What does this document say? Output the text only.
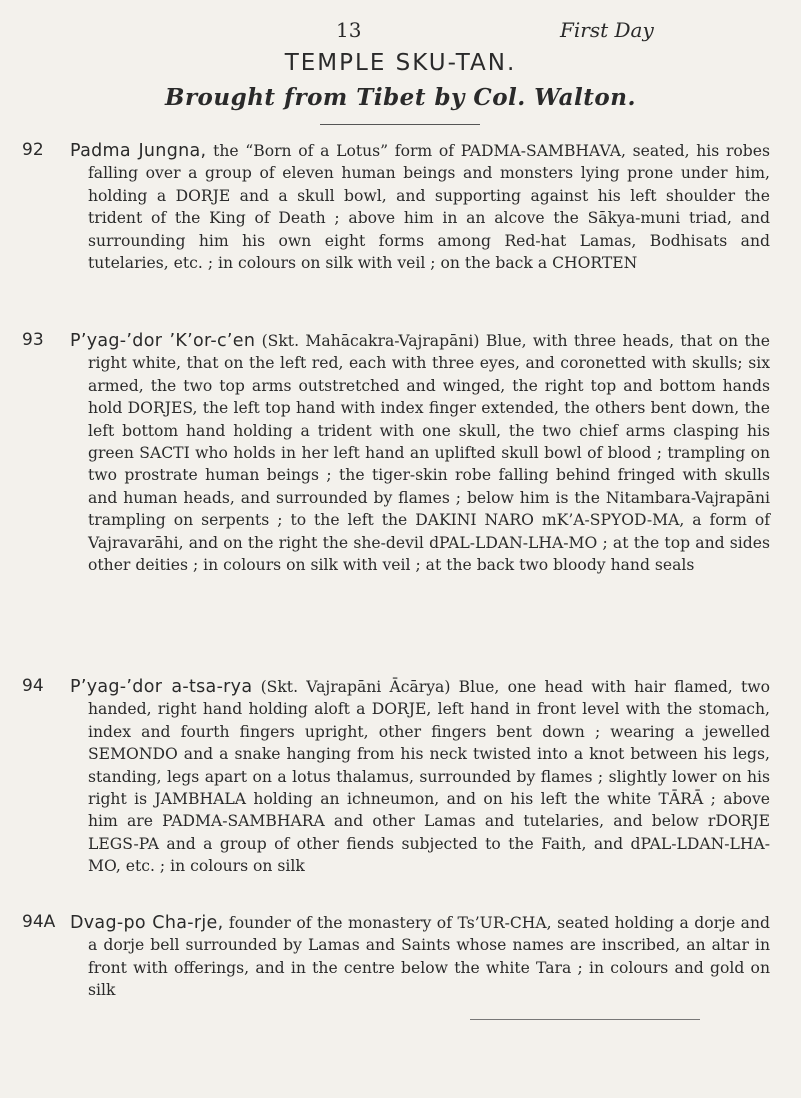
13	First Day
TEMPLE SKU-TAN.
Brought from Tibet by Col. Walton.
92 Padma Jungna, the “Born of a Lotus” form of PADMA-SAMBHAVA, seated, his robes falling over a group of eleven human beings and monsters lying prone under him, holding a DORJE and a skull bowl, and supporting against his left shoulder the trident of the King of Death ; above him in an alcove the Sākya-muni triad, and surrounding him his own eight forms among Red-hat Lamas, Bodhisats and tutelaries, etc. ; in colours on silk with veil ; on the back a CHORTEN
93 P’yag-’dor ’K’or-c’en (Skt. Mahācakra-Vajrapāni) Blue, with three heads, that on the right white, that on the left red, each with three eyes, and coronetted with skulls; six armed, the two top arms outstretched and winged, the right top and bottom hands hold DORJES, the left top hand with index finger extended, the others bent down, the left bottom hand holding a trident with one skull, the two chief arms clasping his green SACTI who holds in her left hand an uplifted skull bowl of blood ; trampling on two prostrate human beings ; the tiger-skin robe falling behind fringed with skulls and human heads, and surrounded by flames ; below him is the Nitambara-Vajrapāni trampling on serpents ; to the left the DAKINI NARO mK’A-SPYOD-MA, a form of Vajravarāhi, and on the right the she-devil dPAL-LDAN-LHA-MO ; at the top and sides other deities ; in colours on silk with veil ; at the back two bloody hand seals
94 P’yag-’dor a-tsa-rya (Skt. Vajrapāni Ācārya) Blue, one head with hair flamed, two handed, right hand holding aloft a DORJE, left hand in front level with the stomach, index and fourth fingers upright, other fingers bent down ; wearing a jewelled SEMONDO and a snake hanging from his neck twisted into a knot between his legs, standing, legs apart on a lotus thalamus, surrounded by flames ; slightly lower on his right is JAMBHALA holding an ichneumon, and on his left the white TĀRĀ ; above him are PADMA-SAMBHARA and other Lamas and tutelaries, and below rDORJE LEGS-PA and a group of other fiends subjected to the Faith, and dPAL-LDAN-LHA-MO, etc. ; in colours on silk
94A Dvag-po Cha-rje, founder of the monastery of Ts’UR-CHA, seated holding a dorje and a dorje bell surrounded by Lamas and Saints whose names are inscribed, an altar in front with offerings, and in the centre below the white Tara ; in colours and gold on silk
